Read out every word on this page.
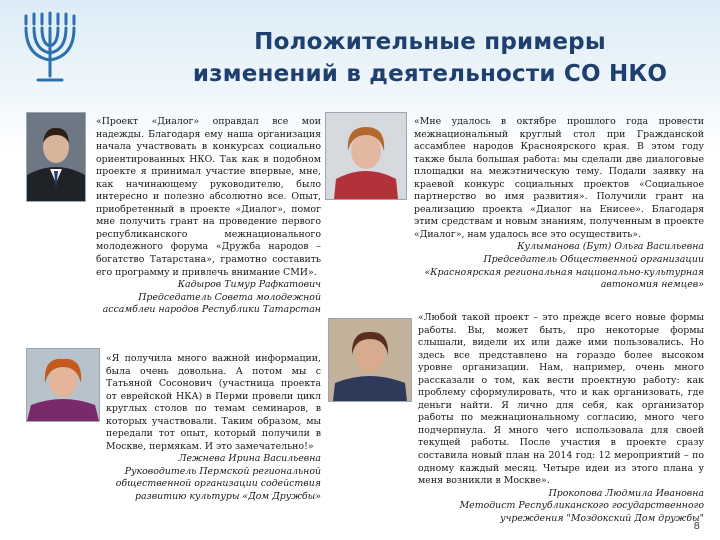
Положительные примеры
изменений в деятельности СО НКО

«Проект «Диалог» оправдал все мои надежды. Благодаря ему наша организация начала участвовать в конкурсах социально ориентированных НКО. Так как в подобном проекте я принимал участие впервые, мне, как начинающему руководителю, было интересно и полезно абсолютно все. Опыт, приобретенный в проекте «Диалог», помог мне получить грант на проведение первого республиканского межнационального молодежного форума «Дружба народов – богатство Татарстана», грамотно составить его программу и привлечь внимание СМИ».

Кадыров Тимур Рафкатович

Председатель Совета молодежной ассамблеи народов Республики Татарстан

«Мне удалось в октябре прошлого года провести межнациональный круглый стол при Гражданской ассамблее народов Красноярского края. В этом году также была большая работа: мы сделали две диалоговые площадки на межэтническую тему. Подали заявку на краевой конкурс социальных проектов «Социальное партнерство во имя развития». Получили грант на реализацию проекта «Диалог на Енисее». Благодаря этим средствам и новым знаниям, полученным в проекте «Диалог», нам удалось все это осуществить».

Кулыманова (Бут) Ольга Васильевна

Председатель Общественной организации «Красноярская региональная национально-культурная автономия немцев»

«Я получила много важной информации, была очень довольна. А потом мы с Татьяной Сосонович (участница проекта от еврейской НКА) в Перми провели цикл круглых столов по темам семинаров, в которых участвовали. Таким образом, мы передали тот опыт, который получили в Москве, пермякам. И это замечательно!»

Лежнева Ирина Васильевна

Руководитель Пермской региональной общественной организации содействия развитию культуры «Дом Дружбы»

«Любой такой проект – это прежде всего новые формы работы. Вы, может быть, про некоторые формы слышали, видели их или даже ими пользовались. Но здесь все представлено на гораздо более высоком уровне организации. Нам, например, очень много рассказали о том, как вести проектную работу: как проблему сформулировать, что и как организовать, где деньги найти. Я лично для себя, как организатор работы по межнациональному согласию, много чего подчерпнула. Я много чего использовала для своей текущей работы. После участия в проекте сразу составила новый план на 2014 год: 12 мероприятий – по одному каждый месяц. Четыре идеи из этого плана у меня возникли в Москве».

Прокопова Людмила Ивановна

Методист Республиканского государственного учреждения "Моздокский Дом дружбы"

8
